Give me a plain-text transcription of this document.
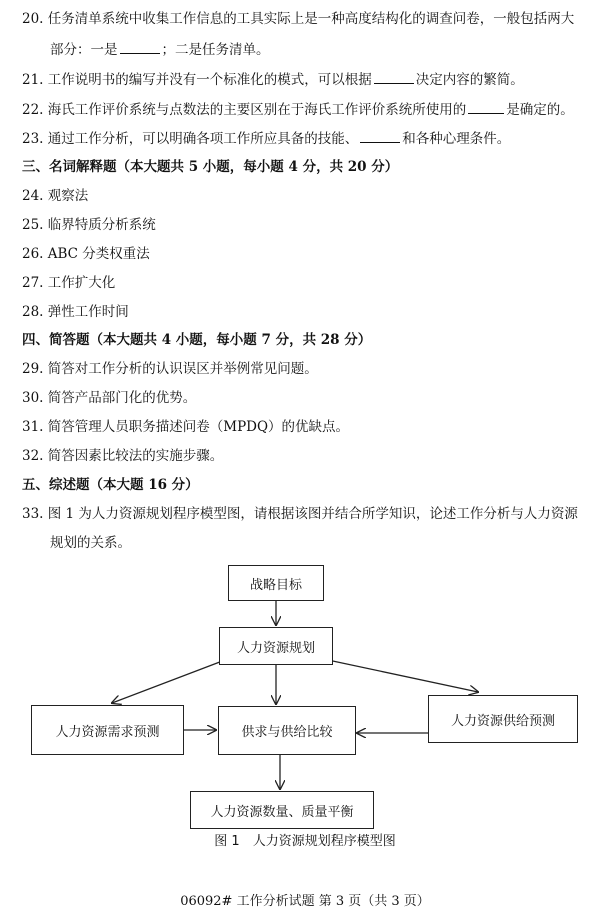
20. 任务清单系统中收集工作信息的工具实际上是一种高度结构化的调查问卷，一般包括两大
部分：一是	；二是任务清单。
21. 工作说明书的编写并没有一个标准化的模式，可以根据	决定内容的繁简。
22. 海氏工作评价系统与点数法的主要区别在于海氏工作评价系统所使用的	是确定的。
23. 通过工作分析，可以明确各项工作所应具备的技能、	和各种心理条件。
三、名词解释题（本大题共 5 小题，每小题 4 分，共 20 分）
24. 观察法
25. 临界特质分析系统
26. ABC 分类权重法
27. 工作扩大化
28. 弹性工作时间
四、简答题（本大题共 4 小题，每小题 7 分，共 28 分）
29. 简答对工作分析的认识误区并举例常见问题。
30. 简答产品部门化的优势。
31. 简答管理人员职务描述问卷（MPDQ）的优缺点。
32. 简答因素比较法的实施步骤。
五、综述题（本大题 16 分）
33. 图 1 为人力资源规划程序模型图，请根据该图并结合所学知识，论述工作分析与人力资源
规划的关系。
战略目标
人力资源规划
人力资源需求预测	供求与供给比较
人力资源供给预测
人力资源数量、质量平衡
图 1　人力资源规划程序模型图
06092# 工作分析试题 第 3 页（共 3 页）
